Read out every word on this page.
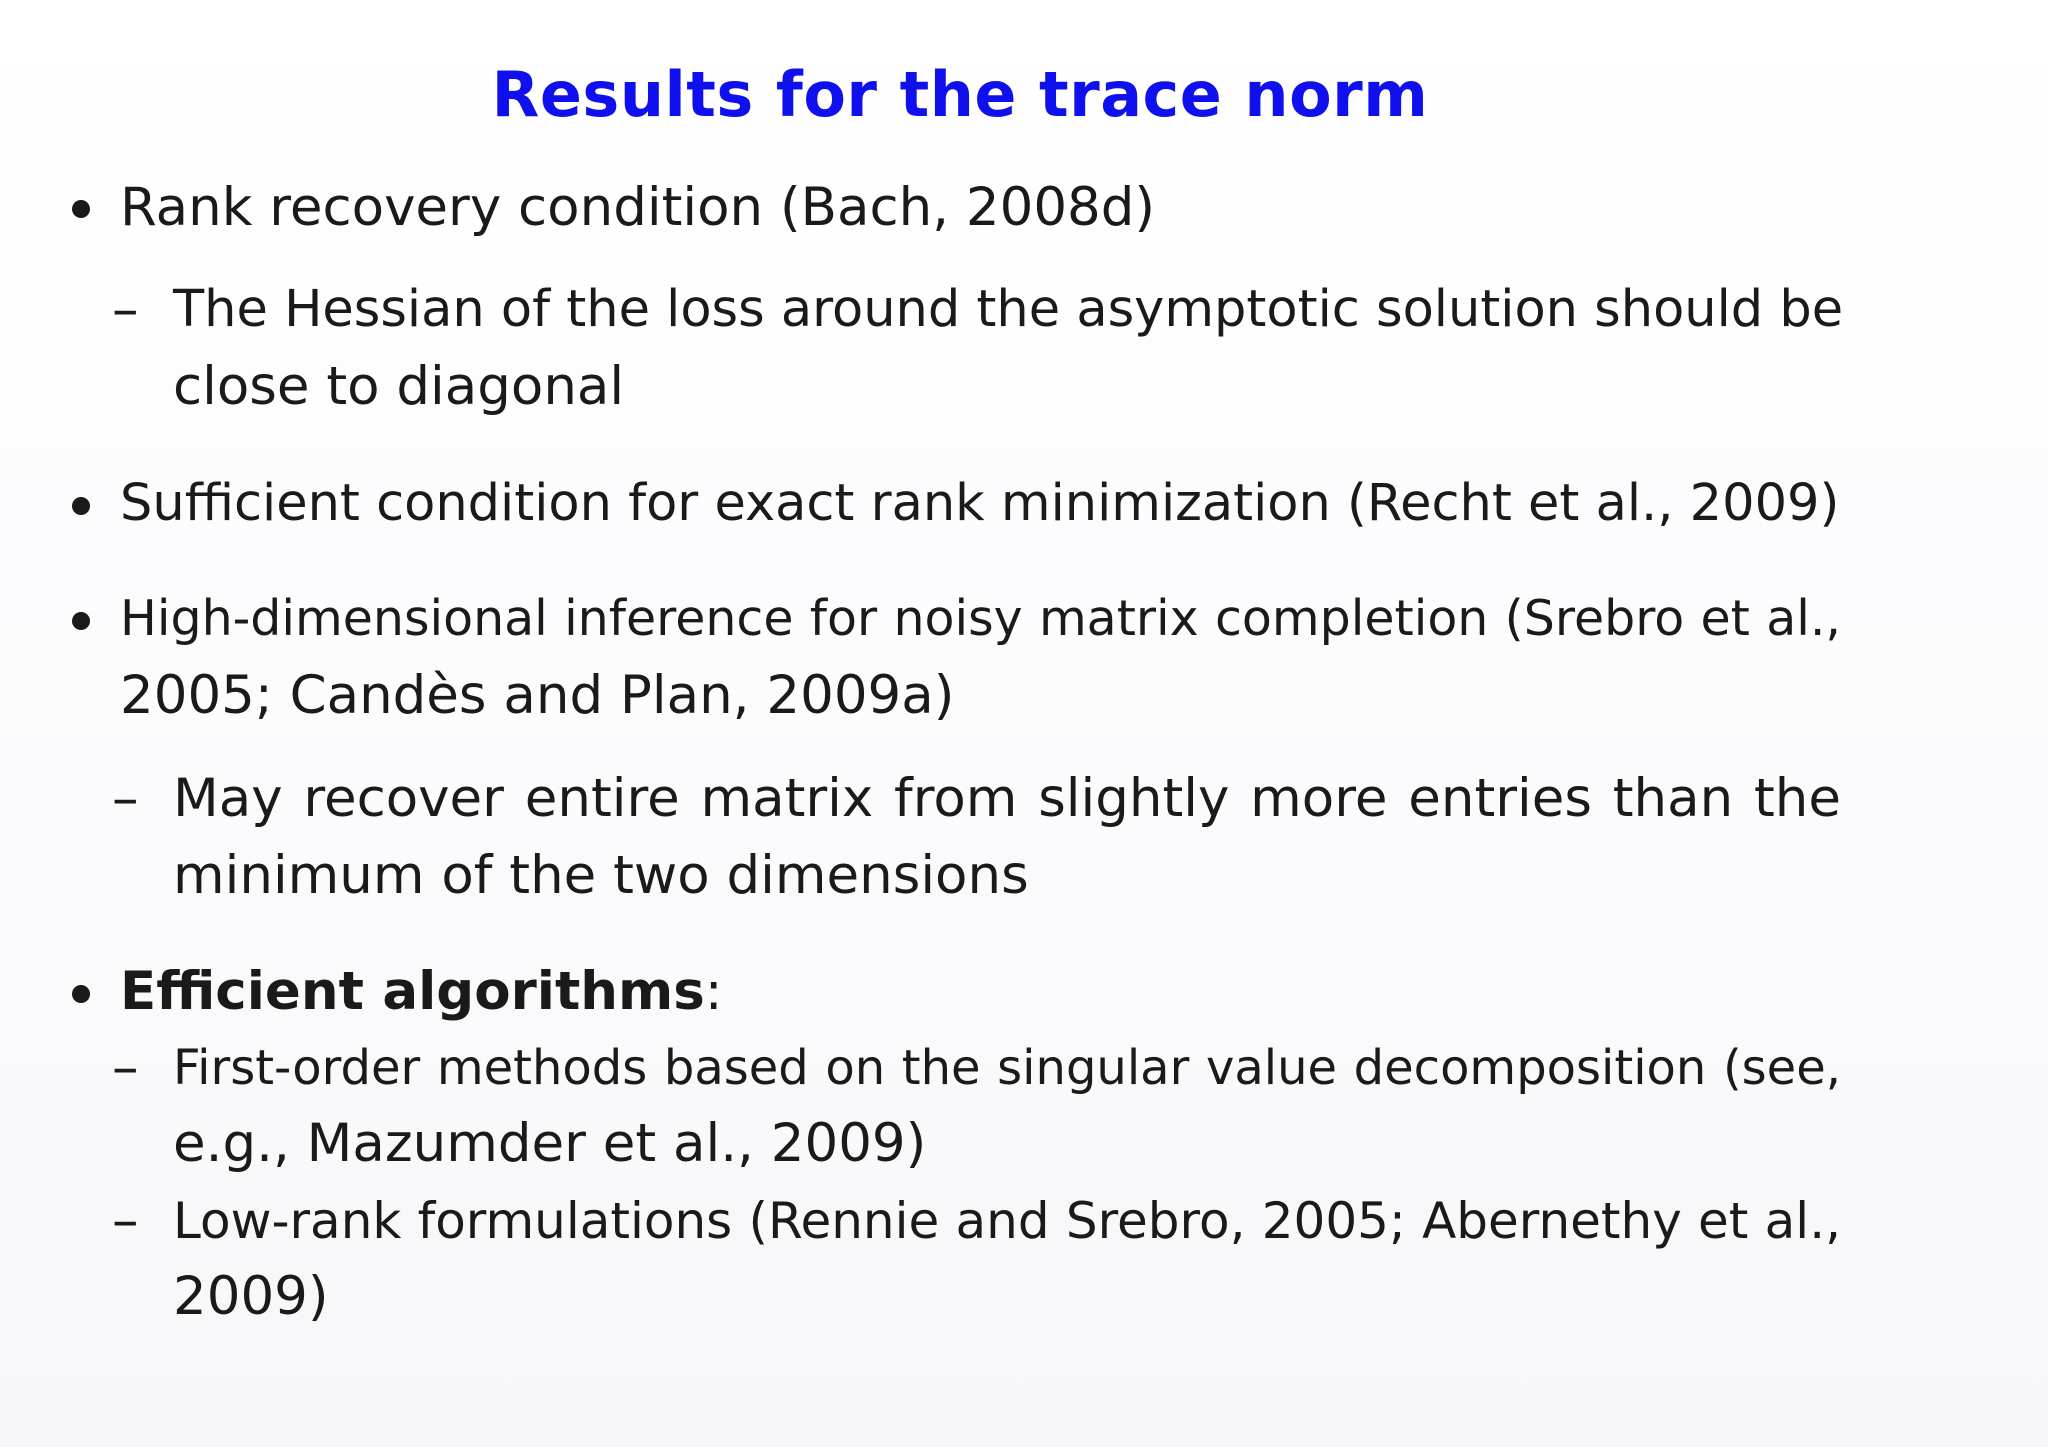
Results for the trace norm
Rank recovery condition (Bach, 2008d)
– The Hessian of the loss around the asymptotic solution should be
close to diagonal
Sufficient condition for exact rank minimization (Recht et al., 2009)
High-dimensional inference for noisy matrix completion (Srebro et al.,
2005; Candès and Plan, 2009a)
– May recover entire matrix from slightly more entries than the
minimum of the two dimensions
Efficient algorithms:
– First-order methods based on the singular value decomposition (see,
e.g., Mazumder et al., 2009)
– Low-rank formulations (Rennie and Srebro, 2005; Abernethy et al.,
2009)
